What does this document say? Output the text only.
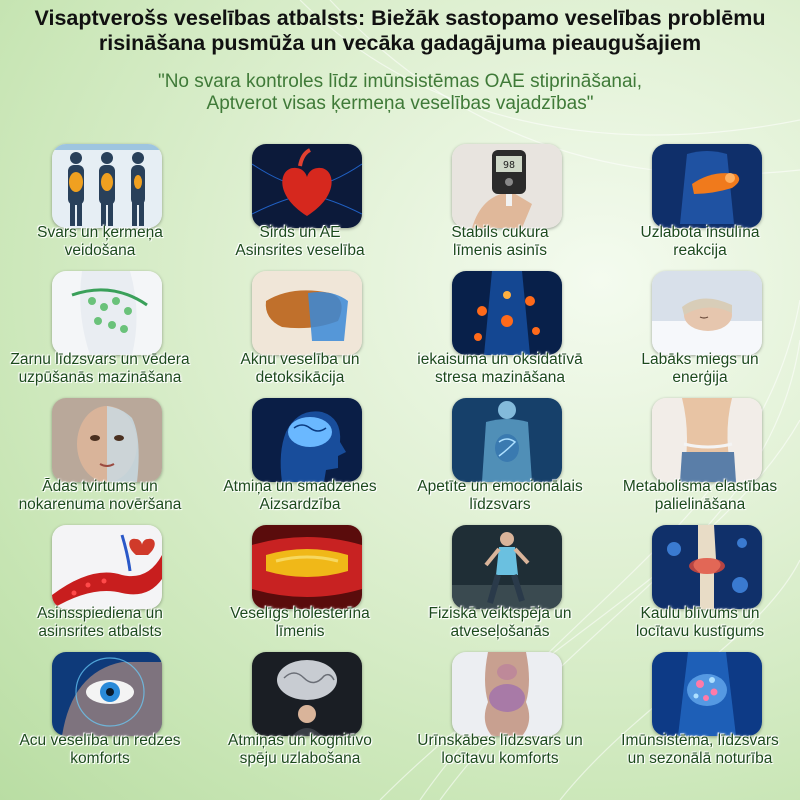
Visaptverošs veselības atbalsts: Biežāk sastopamo veselības problēmu
risināšana pusmūža un vecāka gadagājuma pieaugušajiem
"No svara kontroles līdz imūnsistēmas OAE stiprināšanai,
Aptverot visas ķermeņa veselības vajadzības"
Svars un ķermeņa
veidošana
Sirds un AE
Asinsrites veselība
98
Stabils cukura
līmenis asinīs
Uzlabota insulīna
reakcija
Zarnu līdzsvars un vēdera
uzpūšanās mazināšana
Aknu veselība un
detoksikācija
iekaisuma un oksidatīvā
stresa mazināšana
Labāks miegs un
enerģija
Ādas tvirtums un
nokarenuma novēršana
Atmiņa un smadzenes
Aizsardzība
Apetīte un emocionālais
līdzsvars
Metabolisma elastības
palielināšana
Asinsspiediena un
asinsrites atbalsts
Veselīgs holesterīna
līmenis
Fiziskā veiktspēja un
atveseļošanās
Kaulu blīvums un
locītavu kustīgums
Acu veselība un redzes
komforts
Atmiņas un kognitīvo
spēju uzlabošana
Urīnskābes līdzsvars un
locītavu komforts
Imūnsistēma, līdzsvars
un sezonālā noturība
